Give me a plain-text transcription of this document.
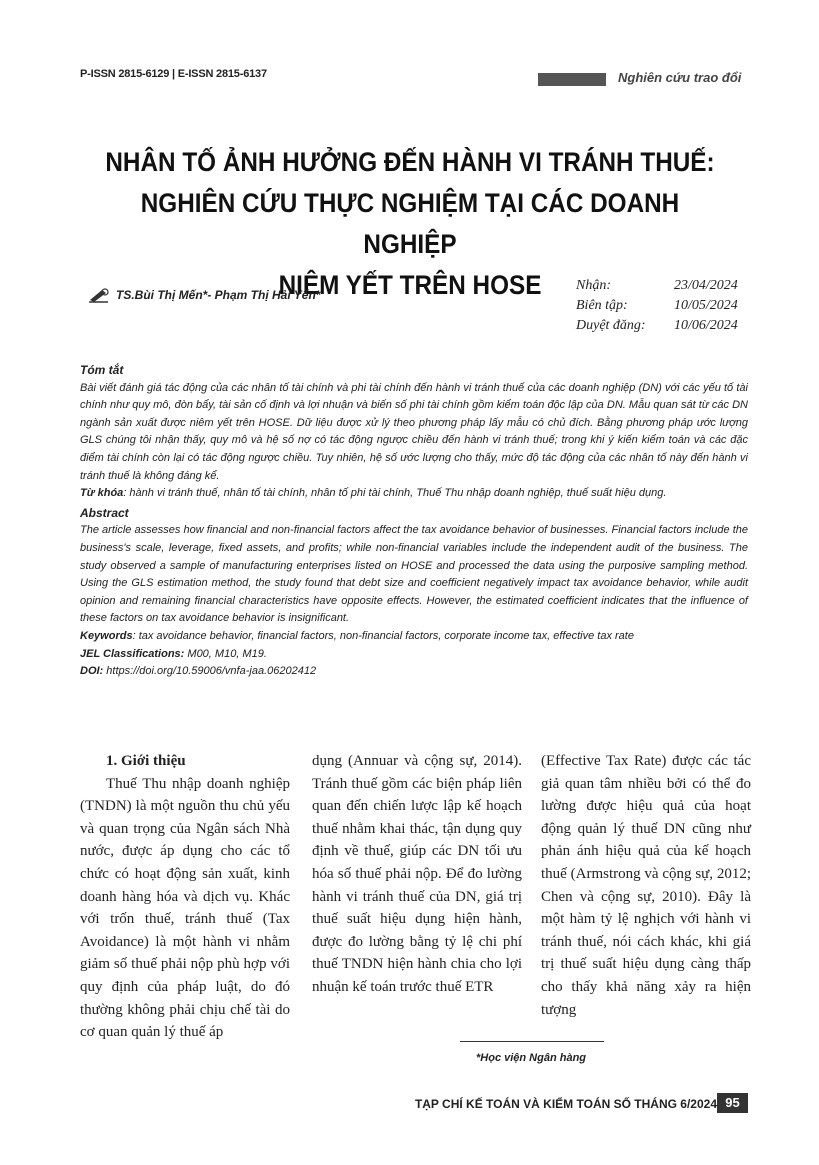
P-ISSN 2815-6129 | E-ISSN 2815-6137	Nghiên cứu trao đổi
NHÂN TỐ ẢNH HƯỞNG ĐẾN HÀNH VI TRÁNH THUẾ:
NGHIÊN CỨU THỰC NGHIỆM TẠI CÁC DOANH NGHIỆP
NIÊM YẾT TRÊN HOSE
TS.Bùi Thị Mến*- Phạm Thị Hải Yến*
Nhận:	23/04/2024
Biên tập:	10/05/2024
Duyệt đăng:	10/06/2024

Tóm tắt

Bài viết đánh giá tác động của các nhân tố tài chính và phi tài chính đến hành vi tránh thuế của các doanh nghiệp (DN) với các yếu tố tài chính như quy mô, đòn bẩy, tài sản cố định và lợi nhuận và biến số phi tài chính gồm kiểm toán độc lập của DN. Mẫu quan sát từ các DN ngành sản xuất được niêm yết trên HOSE. Dữ liệu được xử lý theo phương pháp lấy mẫu có chủ đích. Bằng phương pháp ước lượng GLS chúng tôi nhận thấy, quy mô và hệ số nợ có tác động ngược chiều đến hành vi tránh thuế; trong khi ý kiến kiểm toán và các đặc điểm tài chính còn lại có tác động ngược chiều. Tuy nhiên, hệ số ước lượng cho thấy, mức độ tác động của các nhân tố này đến hành vi tránh thuế là không đáng kể.

Từ khóa: hành vi tránh thuế, nhân tố tài chính, nhân tố phi tài chính, Thuế Thu nhập doanh nghiệp, thuế suất hiệu dụng.

Abstract

The article assesses how financial and non-financial factors affect the tax avoidance behavior of businesses. Financial factors include the business's scale, leverage, fixed assets, and profits; while non-financial variables include the independent audit of the business. The study observed a sample of manufacturing enterprises listed on HOSE and processed the data using the purposive sampling method. Using the GLS estimation method, the study found that debt size and coefficient negatively impact tax avoidance behavior, while audit opinion and remaining financial characteristics have opposite effects. However, the estimated coefficient indicates that the influence of these factors on tax avoidance behavior is insignificant.

Keywords: tax avoidance behavior, financial factors, non-financial factors, corporate income tax, effective tax rate

JEL Classifications: M00, M10, M19.

DOI: https://doi.org/10.59006/vnfa-jaa.06202412

1. Giới thiệu

Thuế Thu nhập doanh nghiệp (TNDN) là một nguồn thu chủ yếu và quan trọng của Ngân sách Nhà nước, được áp dụng cho các tổ chức có hoạt động sản xuất, kinh doanh hàng hóa và dịch vụ. Khác với trốn thuế, tránh thuế (Tax Avoidance) là một hành vi nhằm giảm số thuế phải nộp phù hợp với quy định của pháp luật, do đó thường không phải chịu chế tài do cơ quan quản lý thuế áp

dụng (Annuar và cộng sự, 2014). Tránh thuế gồm các biện pháp liên quan đến chiến lược lập kế hoạch thuế nhằm khai thác, tận dụng quy định về thuế, giúp các DN tối ưu hóa số thuế phải nộp. Để đo lường hành vi tránh thuế của DN, giá trị thuế suất hiệu dụng hiện hành, được đo lường bằng tỷ lệ chi phí thuế TNDN hiện hành chia cho lợi nhuận kế toán trước thuế ETR

(Effective Tax Rate) được các tác giả quan tâm nhiều bởi có thể đo lường được hiệu quả của hoạt động quản lý thuế DN cũng như phản ánh hiệu quả của kế hoạch thuế (Armstrong và cộng sự, 2012; Chen và cộng sự, 2010). Đây là một hàm tỷ lệ nghịch với hành vi tránh thuế, nói cách khác, khi giá trị thuế suất hiệu dụng càng thấp cho thấy khả năng xảy ra hiện tượng

*Học viện Ngân hàng
TẠP CHÍ KẾ TOÁN VÀ KIỂM TOÁN SỐ THÁNG 6/2024 95
